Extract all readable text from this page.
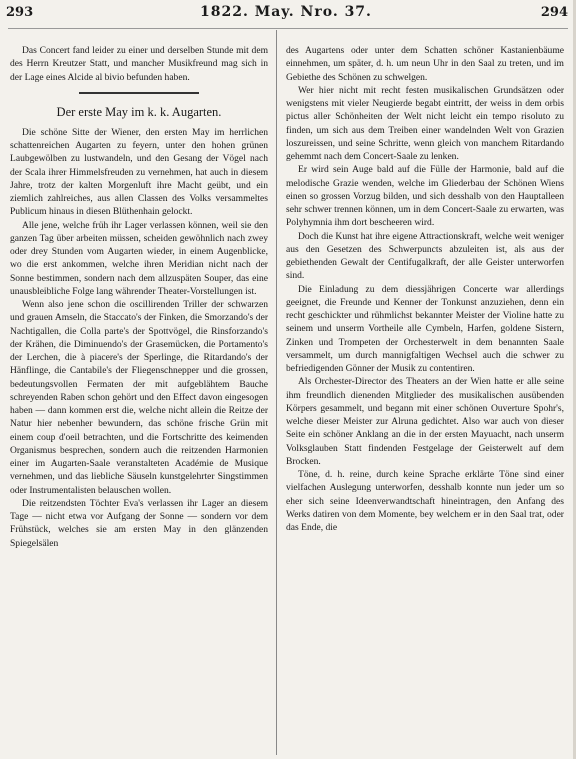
293	1822. May. Nro. 37.	294

Das Concert fand leider zu einer und derselben Stunde mit dem des Herrn Kreutzer Statt, und mancher Musikfreund mag sich in der Lage eines Alcide al bivio befunden haben.

Der erste May im k. k. Augarten.

Die schöne Sitte der Wiener, den ersten May im herrlichen schattenreichen Augarten zu feyern, unter den hohen grünen Laubgewölben zu lustwandeln, und den Gesang der Vögel nach der Scala ihrer Himmelsfreuden zu vernehmen, hat auch in diesem Jahre, trotz der kalten Morgenluft ihre Macht geübt, und ein ziemlich zahlreiches, aus allen Classen des Volks versammeltes Publicum hinaus in diesen Blüthenhain gelockt.

Alle jene, welche früh ihr Lager verlassen können, weil sie den ganzen Tag über arbeiten müssen, scheiden gewöhnlich nach zwey oder drey Stunden vom Augarten wieder, in einem Augenblicke, wo die erst ankommen, welche ihren Meridian nicht nach der Sonne bestimmen, sondern nach dem allzuspäten Souper, das eine unausbleibliche Folge lang währender Theater-Vorstellungen ist.

Wenn also jene schon die oscillirenden Triller der schwarzen und grauen Amseln, die Staccato's der Finken, die Smorzando's der Nachtigallen, die Colla parte's der Spottvögel, die Rinsforzando's der Krähen, die Diminuendo's der Grasemücken, die Portamento's der Lerchen, die à piacere's der Sperlinge, die Ritardando's der Hänflinge, die Cantabile's der Fliegenschnepper und die grossen, bedeutungsvollen Fermaten der mit aufgeblähtem Bauche schreyenden Raben schon gehört und den Effect davon eingesogen haben — dann kommen erst die, welche nicht allein die Reitze der Natur hier nebenher bewundern, das schöne frische Grün mit einem coup d'oeil betrachten, und die Fortschritte des keimenden Organismus besprechen, sondern auch die reitzenden Harmonien einer im Augarten-Saale veranstalteten Académie de Musique vernehmen, und das liebliche Säuseln kunstgelehrter Singstimmen oder Instrumentalisten belauschen wollen.

Die reitzendsten Töchter Eva's verlassen ihr Lager an diesem Tage — nicht etwa vor Aufgang der Sonne — sondern vor dem Frühstück, welches sie am ersten May in den glänzenden Spiegelsälen

des Augartens oder unter dem Schatten schöner Kastanienbäume einnehmen, um später, d. h. um neun Uhr in den Saal zu treten, und im Gebiethe des Schönen zu schwelgen.

Wer hier nicht mit recht festen musikalischen Grundsätzen oder wenigstens mit vieler Neugierde begabt eintritt, der weiss in dem orbis pictus aller Schönheiten der Welt nicht leicht ein tempo risoluto zu finden, um sich aus dem Treiben einer wandelnden Welt von Grazien loszureissen, und seine Schritte, wenn gleich von manchem Ritardando gehemmt nach dem Concert-Saale zu lenken.

Er wird sein Auge bald auf die Fülle der Harmonie, bald auf die melodische Grazie wenden, welche im Gliederbau der Schönen Wiens einen so grossen Vorzug bilden, und sich desshalb von den Hauptalleen sehr schwer trennen können, um in dem Concert-Saale zu erwarten, was Polyhymnia ihm dort bescheeren wird.

Doch die Kunst hat ihre eigene Attractionskraft, welche weit weniger aus den Gesetzen des Schwerpuncts abzuleiten ist, als aus der gebiethenden Gewalt der Centifugalkraft, der alle Geister unterworfen sind.

Die Einladung zu dem diessjährigen Concerte war allerdings geeignet, die Freunde und Kenner der Tonkunst anzuziehen, denn ein recht geschickter und rühmlichst bekannter Meister der Violine hatte zu seinem und unserm Vortheile alle Cymbeln, Harfen, goldene Sistern, Zinken und Trompeten der Orchesterwelt in dem benannten Saale versammelt, um durch mannigfaltigen Wechsel auch die schwer zu befriedigenden Gönner der Musik zu contentiren.

Als Orchester-Director des Theaters an der Wien hatte er alle seine ihm freundlich dienenden Mitglieder des musikalischen ausübenden Körpers gesammelt, und begann mit einer schönen Ouverture Spohr's, welche dieser Meister zur Alruna gedichtet. Also war auch von dieser Seite ein schöner Anklang an die in der ersten Mayuacht, nach unserm Volksglauben Statt findenden Festgelage der Geisterwelt auf dem Brocken.

Töne, d. h. reine, durch keine Sprache erklärte Töne sind einer vielfachen Auslegung unterworfen, desshalb konnte nun jeder um so eher sich seine Ideenverwandtschaft hineintragen, den Anfang des Werks datiren von dem Momente, bey welchem er in den Saal trat, oder das Ende, die
